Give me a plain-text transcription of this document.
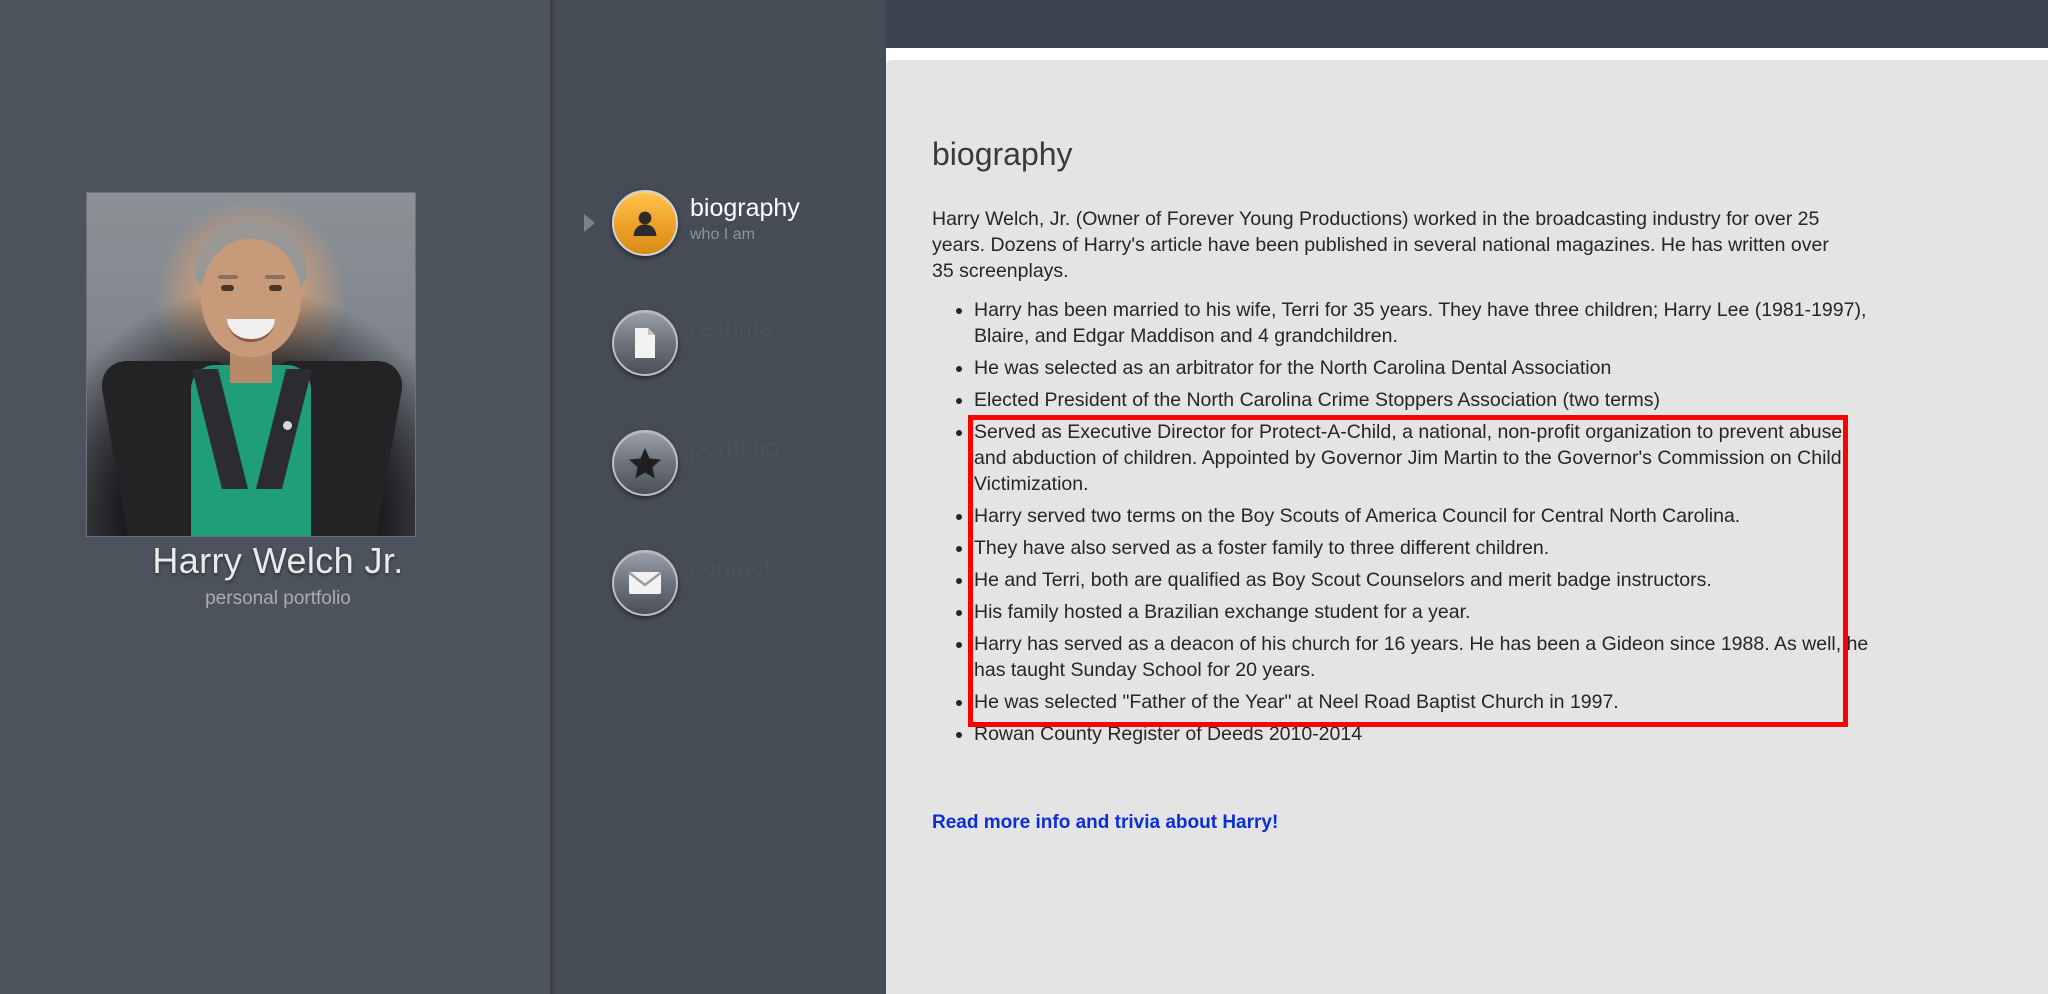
Harry Welch Jr.
personal portfolio
biography
who I am
resume
what I've done
portfolio
my work
contact
get in touch
biography

Harry Welch, Jr. (Owner of Forever Young Productions) worked in the broadcasting industry for over 25 years. Dozens of Harry's article have been published in several national magazines. He has written over 35 screenplays.

• Harry has been married to his wife, Terri for 35 years. They have three children; Harry Lee (1981-1997), Blaire, and Edgar Maddison and 4 grandchildren.
• He was selected as an arbitrator for the North Carolina Dental Association
• Elected President of the North Carolina Crime Stoppers Association (two terms)
• Served as Executive Director for Protect-A-Child, a national, non-profit organization to prevent abuse and abduction of children. Appointed by Governor Jim Martin to the Governor's Commission on Child Victimization.
• Harry served two terms on the Boy Scouts of America Council for Central North Carolina.
• They have also served as a foster family to three different children.
• He and Terri, both are qualified as Boy Scout Counselors and merit badge instructors.
• His family hosted a Brazilian exchange student for a year.
• Harry has served as a deacon of his church for 16 years. He has been a Gideon since 1988. As well, he has taught Sunday School for 20 years.
• He was selected "Father of the Year" at Neel Road Baptist Church in 1997.
• Rowan County Register of Deeds 2010-2014
Read more info and trivia about Harry!
